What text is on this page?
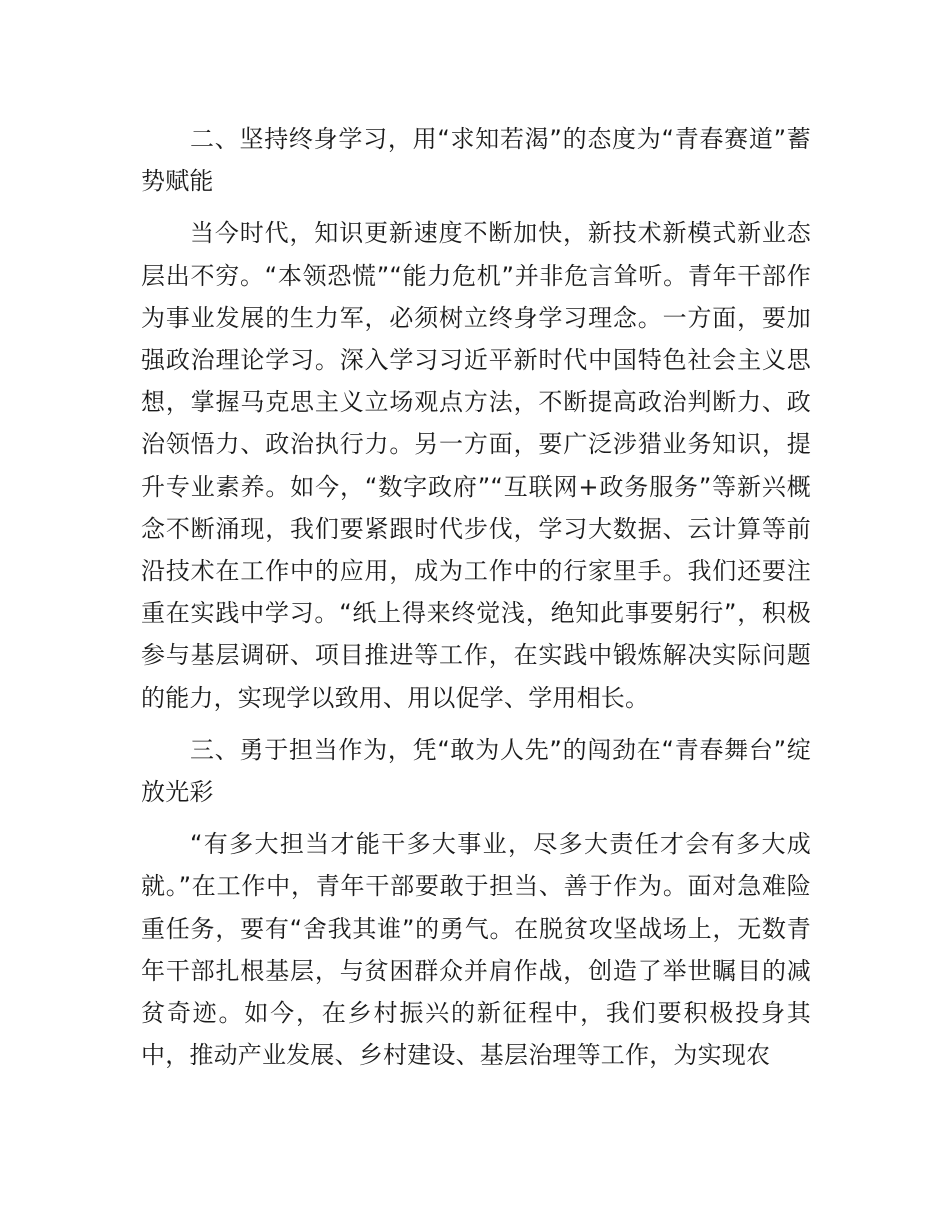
二、坚持终身学习，用“求知若渴”的态度为“青春赛道”蓄势赋能

当今时代，知识更新速度不断加快，新技术新模式新业态层出不穷。“本领恐慌”“能力危机”并非危言耸听。青年干部作为事业发展的生力军，必须树立终身学习理念。一方面，要加强政治理论学习。深入学习习近平新时代中国特色社会主义思想，掌握马克思主义立场观点方法，不断提高政治判断力、政治领悟力、政治执行力。另一方面，要广泛涉猎业务知识，提升专业素养。如今，“数字政府”“互联网+政务服务”等新兴概念不断涌现，我们要紧跟时代步伐，学习大数据、云计算等前沿技术在工作中的应用，成为工作中的行家里手。我们还要注重在实践中学习。“纸上得来终觉浅，绝知此事要躬行”，积极参与基层调研、项目推进等工作，在实践中锻炼解决实际问题的能力，实现学以致用、用以促学、学用相长。

三、勇于担当作为，凭“敢为人先”的闯劲在“青春舞台”绽放光彩

“有多大担当才能干多大事业，尽多大责任才会有多大成就。”在工作中，青年干部要敢于担当、善于作为。面对急难险重任务，要有“舍我其谁”的勇气。在脱贫攻坚战场上，无数青年干部扎根基层，与贫困群众并肩作战，创造了举世瞩目的减贫奇迹。如今，在乡村振兴的新征程中，我们要积极投身其中，推动产业发展、乡村建设、基层治理等工作，为实现农
